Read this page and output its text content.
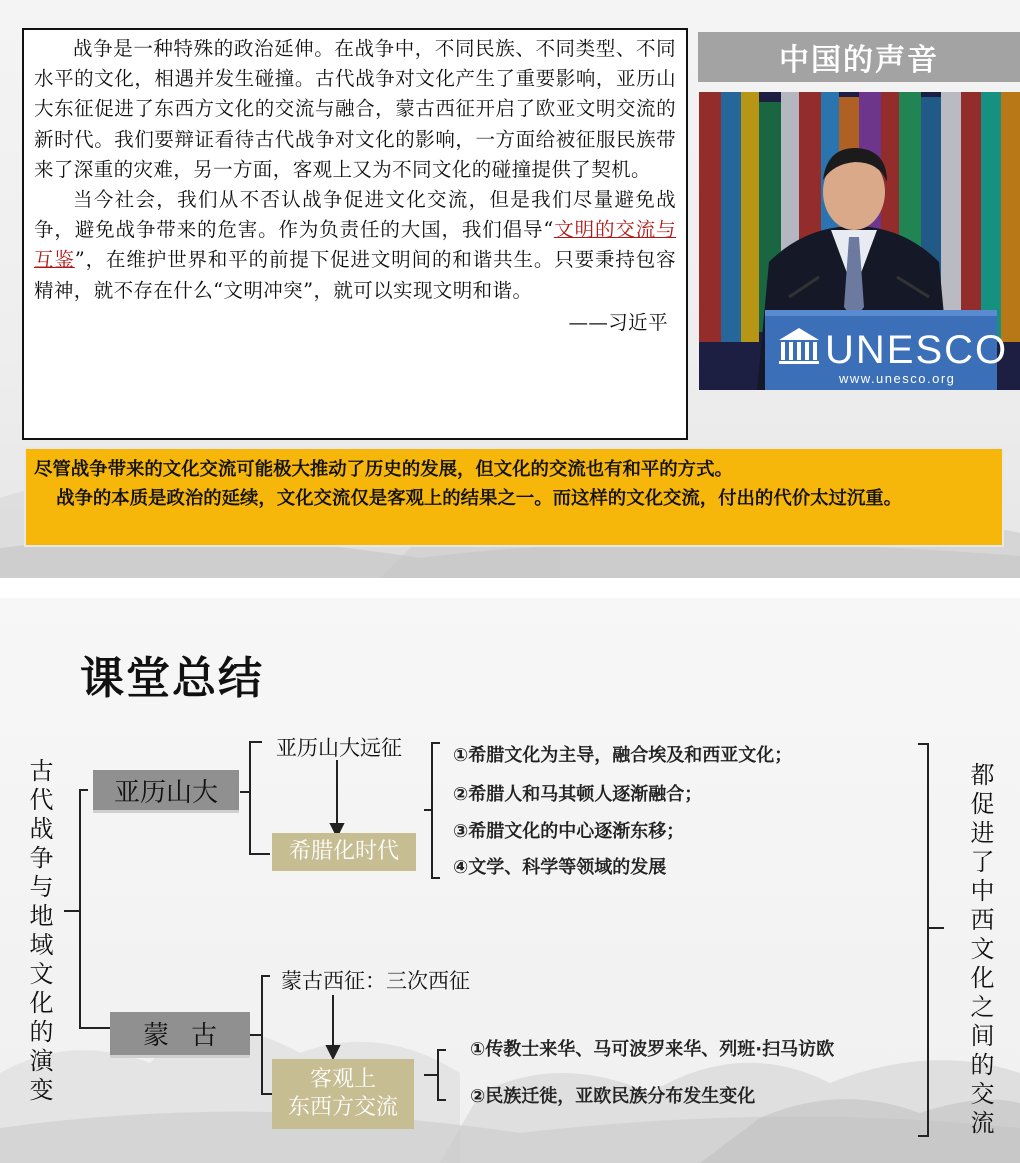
战争是一种特殊的政治延伸。在战争中，不同民族、不同类型、不同水平的文化，相遇并发生碰撞。古代战争对文化产生了重要影响，亚历山大东征促进了东西方文化的交流与融合，蒙古西征开启了欧亚文明交流的新时代。我们要辩证看待古代战争对文化的影响，一方面给被征服民族带来了深重的灾难，另一方面，客观上又为不同文化的碰撞提供了契机。

当今社会，我们从不否认战争促进文化交流，但是我们尽量避免战争，避免战争带来的危害。作为负责任的大国，我们倡导“文明的交流与互鉴”，在维护世界和平的前提下促进文明间的和谐共生。只要秉持包容精神，就不存在什么“文明冲突”，就可以实现文明和谐。

——习近平

中国的声音
UNESCO
www.unesco.org
尽管战争带来的文化交流可能极大推动了历史的发展，但文化的交流也有和平的方式。
战争的本质是政治的延续，文化交流仅是客观上的结果之一。而这样的文化交流，付出的代价太过沉重。
课堂总结
古代战争与地域文化的演变	都促进了中西文化之间的交流
亚历山大
亚历山大远征
希腊化时代
①希腊文化为主导，融合埃及和西亚文化；
②希腊人和马其顿人逐渐融合；
③希腊文化的中心逐渐东移；
④文学、科学等领域的发展
蒙古
蒙古西征：三次西征
客观上
东西方交流
①传教士来华、马可波罗来华、列班·扫马访欧
②民族迁徙，亚欧民族分布发生变化
